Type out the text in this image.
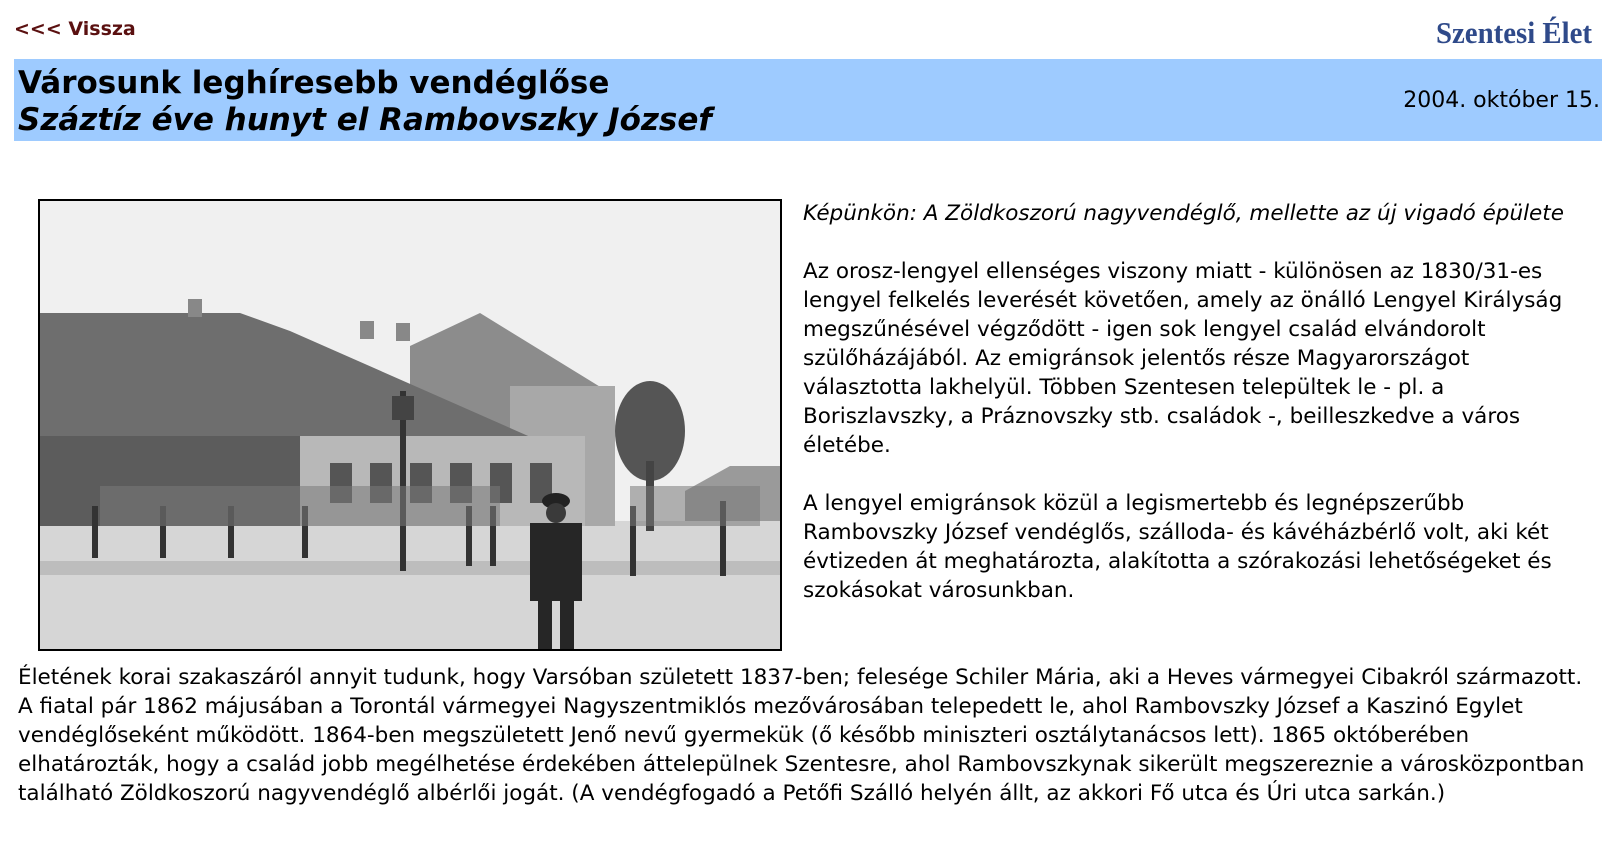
<<< Vissza	Szentesi Élet
Városunk leghíresebb vendéglőse
Száztíz éve hunyt el Rambovszky József
2004. október 15.

Képünkön: A Zöldkoszorú nagyvendéglő, mellette az új vigadó épülete

Az orosz-lengyel ellenséges viszony miatt - különösen az 1830/31-es lengyel felkelés leverését követően, amely az önálló Lengyel Királyság megszűnésével végződött - igen sok lengyel család elvándorolt szülőházájából. Az emigránsok jelentős része Magyarországot választotta lakhelyül. Többen Szentesen települtek le - pl. a Boriszlavszky, a Práznovszky stb. családok -, beilleszkedve a város életébe.

A lengyel emigránsok közül a legismertebb és legnépszerűbb Rambovszky József vendéglős, szálloda- és kávéházbérlő volt, aki két évtizeden át meghatározta, alakította a szórakozási lehetőségeket és szokásokat városunkban.

Életének korai szakaszáról annyit tudunk, hogy Varsóban született 1837-ben; felesége Schiler Mária, aki a Heves vármegyei Cibakról származott. A fiatal pár 1862 májusában a Torontál vármegyei Nagyszentmiklós mezővárosában telepedett le, ahol Rambovszky József a Kaszinó Egylet vendéglőseként működött. 1864-ben megszületett Jenő nevű gyermekük (ő később miniszteri osztálytanácsos lett). 1865 októberében elhatározták, hogy a család jobb megélhetése érdekében áttelepülnek Szentesre, ahol Rambovszkynak sikerült megszereznie a városközpontban található Zöldkoszorú nagyvendéglő albérlői jogát. (A vendégfogadó a Petőfi Szálló helyén állt, az akkori Fő utca és Úri utca sarkán.)
